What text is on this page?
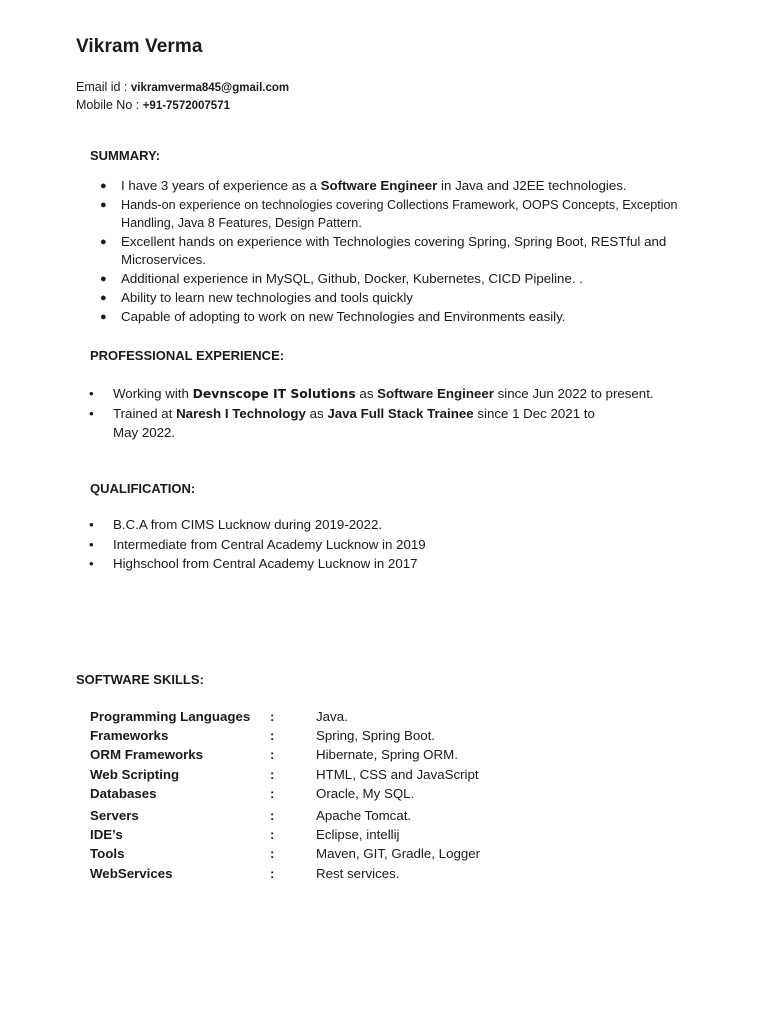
Vikram Verma
Email id : vikramverma845@gmail.com
Mobile No : +91-7572007571
SUMMARY:
● I have 3 years of experience as a Software Engineer in Java and J2EE technologies.
● Hands-on experience on technologies covering Collections Framework, OOPS Concepts, Exception Handling, Java 8 Features, Design Pattern.
● Excellent hands on experience with Technologies covering Spring, Spring Boot, RESTful and Microservices.
● Additional experience in MySQL, Github, Docker, Kubernetes, CICD Pipeline. .
● Ability to learn new technologies and tools quickly
● Capable of adopting to work on new Technologies and Environments easily.
PROFESSIONAL EXPERIENCE:
• Working with Devnscope IT Solutions as Software Engineer since Jun 2022 to present.
• Trained at Naresh I Technology as Java Full Stack Trainee since 1 Dec 2021 to May 2022.
QUALIFICATION:
• B.C.A from CIMS Lucknow during 2019-2022.
• Intermediate from Central Academy Lucknow in 2019
• Highschool from Central Academy Lucknow in 2017
SOFTWARE SKILLS:
Programming Languages	:	Java.
Frameworks	:	Spring, Spring Boot.
ORM Frameworks	:	Hibernate, Spring ORM.
Web Scripting	:	HTML, CSS and JavaScript
Databases	:	Oracle, My SQL.
Servers	:	Apache Tomcat.
IDE’s	:	Eclipse, intellij
Tools	:	Maven, GIT, Gradle, Logger
WebServices	:	Rest services.
